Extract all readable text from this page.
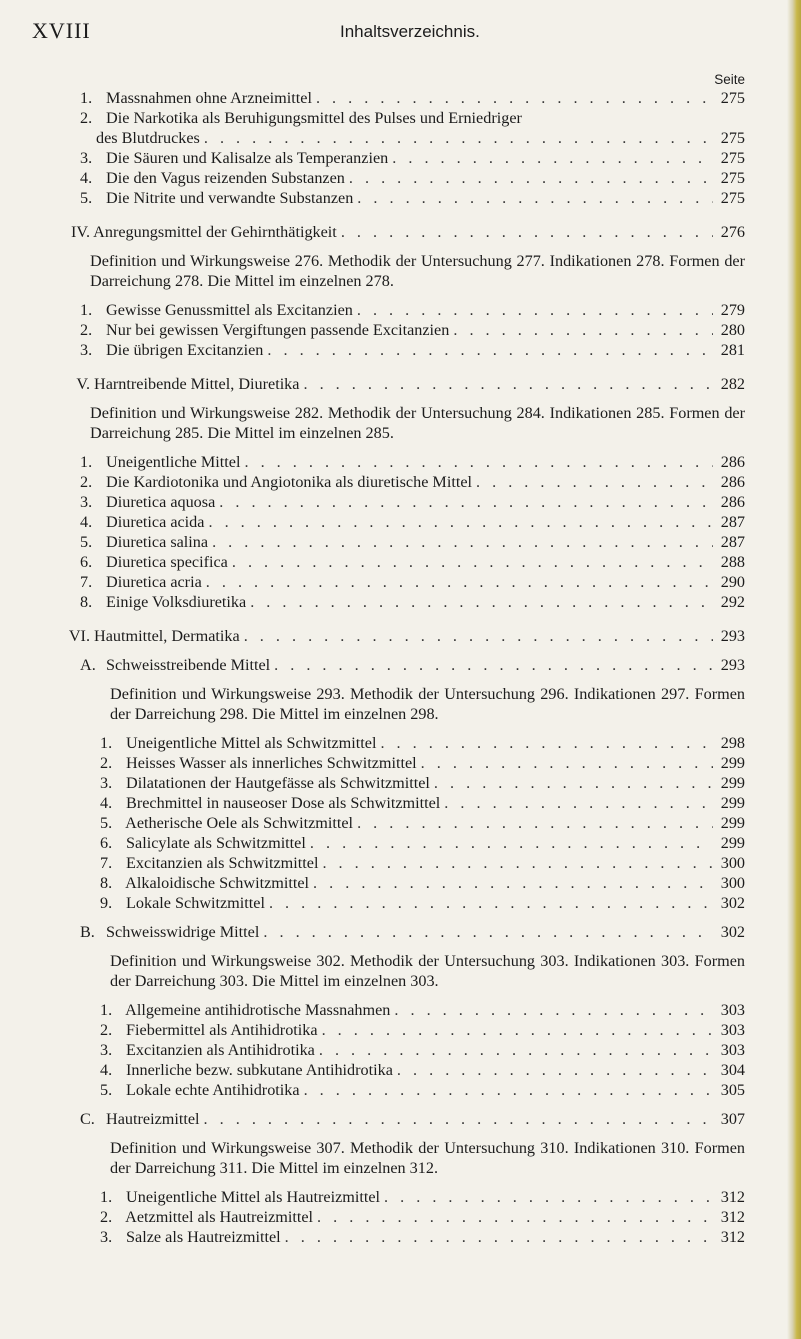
XVIII	Inhaltsverzeichnis.
Seite
1. Massnahmen ohne Arzneimittel . . .	275
2. Die Narkotika als Beruhigungsmittel des Pulses und Erniedriger
des Blutdruckes . . .	275
3. Die Säuren und Kalisalze als Temperanzien . . .	275
4. Die den Vagus reizenden Substanzen . . .	275
5. Die Nitrite und verwandte Substanzen . . .	275
IV. Anregungsmittel der Gehirnthätigkeit . . .	276
Definition und Wirkungsweise 276. Methodik der Untersuchung 277. Indikationen 278. Formen der Darreichung 278. Die Mittel im einzelnen 278.
1. Gewisse Genussmittel als Excitanzien . . .	279
2. Nur bei gewissen Vergiftungen passende Excitanzien . . .	280
3. Die übrigen Excitanzien . . .	281
V. Harntreibende Mittel, Diuretika . . .	282
Definition und Wirkungsweise 282. Methodik der Untersuchung 284. Indikationen 285. Formen der Darreichung 285. Die Mittel im einzelnen 285.
1. Uneigentliche Mittel . . .	286
2. Die Kardiotonika und Angiotonika als diuretische Mittel . . .	286
3. Diuretica aquosa . . .	286
4. Diuretica acida . . .	287
5. Diuretica salina . . .	287
6. Diuretica specifica . . .	288
7. Diuretica acria . . .	290
8. Einige Volksdiuretika . . .	292
VI. Hautmittel, Dermatika . . .	293
A. Schweisstreibende Mittel . . .	293
Definition und Wirkungsweise 293. Methodik der Untersuchung 296. Indikationen 297. Formen der Darreichung 298. Die Mittel im einzelnen 298.
1. Uneigentliche Mittel als Schwitzmittel . . .	298
2. Heisses Wasser als innerliches Schwitzmittel . . .	299
3. Dilatationen der Hautgefässe als Schwitzmittel . . .	299
4. Brechmittel in nauseoser Dose als Schwitzmittel . . .	299
5. Aetherische Oele als Schwitzmittel . . .	299
6. Salicylate als Schwitzmittel . . .	299
7. Excitanzien als Schwitzmittel . . .	300
8. Alkaloidische Schwitzmittel . . .	300
9. Lokale Schwitzmittel . . .	302
B. Schweisswidrige Mittel . . .	302
Definition und Wirkungsweise 302. Methodik der Untersuchung 303. Indikationen 303. Formen der Darreichung 303. Die Mittel im einzelnen 303.
1. Allgemeine antihidrotische Massnahmen . . .	303
2. Fiebermittel als Antihidrotika . . .	303
3. Excitanzien als Antihidrotika . . .	303
4. Innerliche bezw. subkutane Antihidrotika . . .	304
5. Lokale echte Antihidrotika . . .	305
C. Hautreizmittel . . .	307
Definition und Wirkungsweise 307. Methodik der Untersuchung 310. Indikationen 310. Formen der Darreichung 311. Die Mittel im einzelnen 312.
1. Uneigentliche Mittel als Hautreizmittel . . .	312
2. Aetzmittel als Hautreizmittel . . .	312
3. Salze als Hautreizmittel . . .	312
